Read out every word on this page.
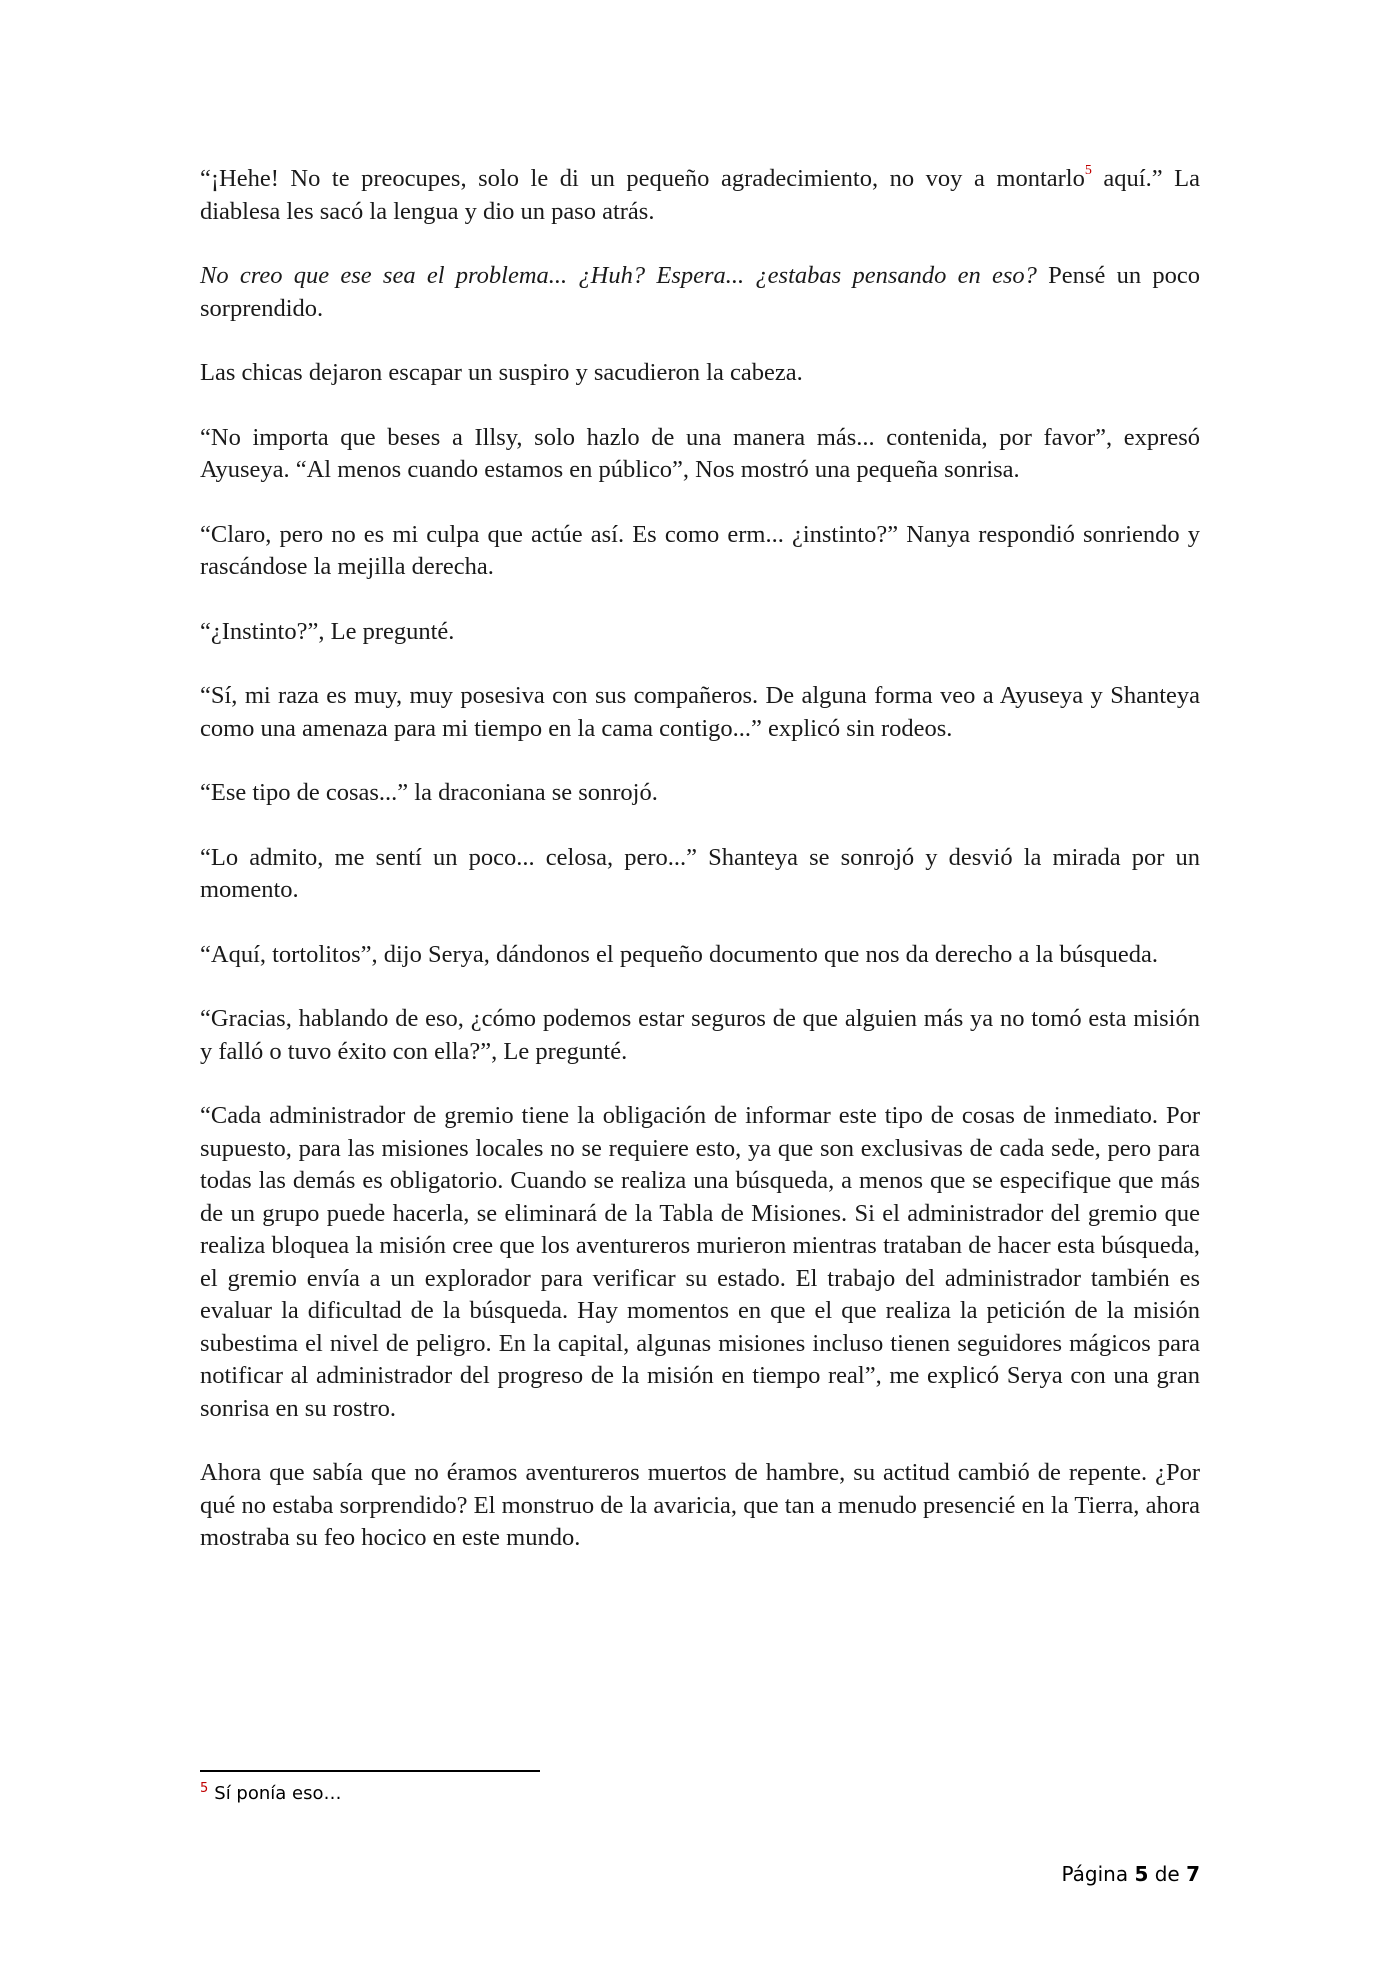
“¡Hehe! No te preocupes, solo le di un pequeño agradecimiento, no voy a montarlo$^5$ aquí.” La diablesa les sacó la lengua y dio un paso atrás.

No creo que ese sea el problema... ¿Huh? Espera... ¿estabas pensando en eso? Pensé un poco sorprendido.

Las chicas dejaron escapar un suspiro y sacudieron la cabeza.

“No importa que beses a Illsy, solo hazlo de una manera más... contenida, por favor”, expresó Ayuseya. “Al menos cuando estamos en público”, Nos mostró una pequeña sonrisa.

“Claro, pero no es mi culpa que actúe así. Es como erm... ¿instinto?” Nanya respondió sonriendo y rascándose la mejilla derecha.

“¿Instinto?”, Le pregunté.

“Sí, mi raza es muy, muy posesiva con sus compañeros. De alguna forma veo a Ayuseya y Shanteya como una amenaza para mi tiempo en la cama contigo...” explicó sin rodeos.

“Ese tipo de cosas...” la draconiana se sonrojó.

“Lo admito, me sentí un poco... celosa, pero...” Shanteya se sonrojó y desvió la mirada por un momento.

“Aquí, tortolitos”, dijo Serya, dándonos el pequeño documento que nos da derecho a la búsqueda.

“Gracias, hablando de eso, ¿cómo podemos estar seguros de que alguien más ya no tomó esta misión y falló o tuvo éxito con ella?”, Le pregunté.

“Cada administrador de gremio tiene la obligación de informar este tipo de cosas de inmediato. Por supuesto, para las misiones locales no se requiere esto, ya que son exclusivas de cada sede, pero para todas las demás es obligatorio. Cuando se realiza una búsqueda, a menos que se especifique que más de un grupo puede hacerla, se eliminará de la Tabla de Misiones. Si el administrador del gremio que realiza bloquea la misión cree que los aventureros murieron mientras trataban de hacer esta búsqueda, el gremio envía a un explorador para verificar su estado. El trabajo del administrador también es evaluar la dificultad de la búsqueda. Hay momentos en que el que realiza la petición de la misión subestima el nivel de peligro. En la capital, algunas misiones incluso tienen seguidores mágicos para notificar al administrador del progreso de la misión en tiempo real”, me explicó Serya con una gran sonrisa en su rostro.

Ahora que sabía que no éramos aventureros muertos de hambre, su actitud cambió de repente. ¿Por qué no estaba sorprendido? El monstruo de la avaricia, que tan a menudo presencié en la Tierra, ahora mostraba su feo hocico en este mundo.

$^5$ Sí ponía eso…
Página 5 de 7
